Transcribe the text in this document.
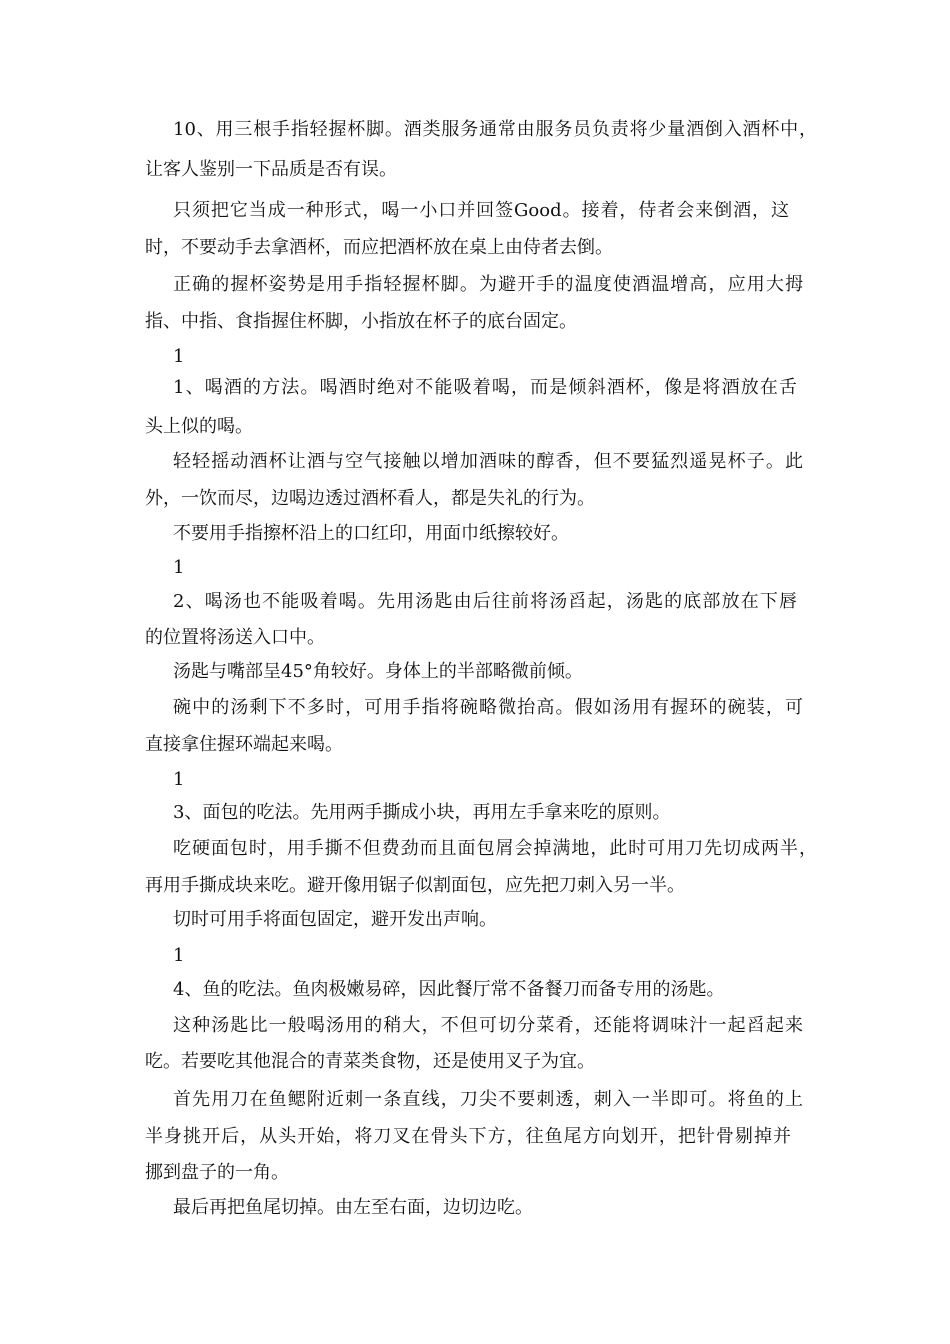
10、用三根手指轻握杯脚。酒类服务通常由服务员负责将少量酒倒入酒杯中，
让客人鉴别一下品质是否有误。
只须把它当成一种形式，喝一小口并回签Good。接着，侍者会来倒酒，这
时，不要动手去拿酒杯，而应把酒杯放在桌上由侍者去倒。
正确的握杯姿势是用手指轻握杯脚。为避开手的温度使酒温增高，应用大拇
指、中指、食指握住杯脚，小指放在杯子的底台固定。
1
1、喝酒的方法。喝酒时绝对不能吸着喝，而是倾斜酒杯，像是将酒放在舌
头上似的喝。
轻轻摇动酒杯让酒与空气接触以增加酒味的醇香，但不要猛烈遥晃杯子。此
外，一饮而尽，边喝边透过酒杯看人，都是失礼的行为。
不要用手指擦杯沿上的口红印，用面巾纸擦较好。
1
2、喝汤也不能吸着喝。先用汤匙由后往前将汤舀起，汤匙的底部放在下唇
的位置将汤送入口中。
汤匙与嘴部呈45°角较好。身体上的半部略微前倾。
碗中的汤剩下不多时，可用手指将碗略微抬高。假如汤用有握环的碗装，可
直接拿住握环端起来喝。
1
3、面包的吃法。先用两手撕成小块，再用左手拿来吃的原则。
吃硬面包时，用手撕不但费劲而且面包屑会掉满地，此时可用刀先切成两半，
再用手撕成块来吃。避开像用锯子似割面包，应先把刀刺入另一半。
切时可用手将面包固定，避开发出声响。
1
4、鱼的吃法。鱼肉极嫩易碎，因此餐厅常不备餐刀而备专用的汤匙。
这种汤匙比一般喝汤用的稍大，不但可切分菜肴，还能将调味汁一起舀起来
吃。若要吃其他混合的青菜类食物，还是使用叉子为宜。
首先用刀在鱼鳃附近刺一条直线，刀尖不要刺透，刺入一半即可。将鱼的上
半身挑开后，从头开始，将刀叉在骨头下方，往鱼尾方向划开，把针骨剔掉并
挪到盘子的一角。
最后再把鱼尾切掉。由左至右面，边切边吃。
